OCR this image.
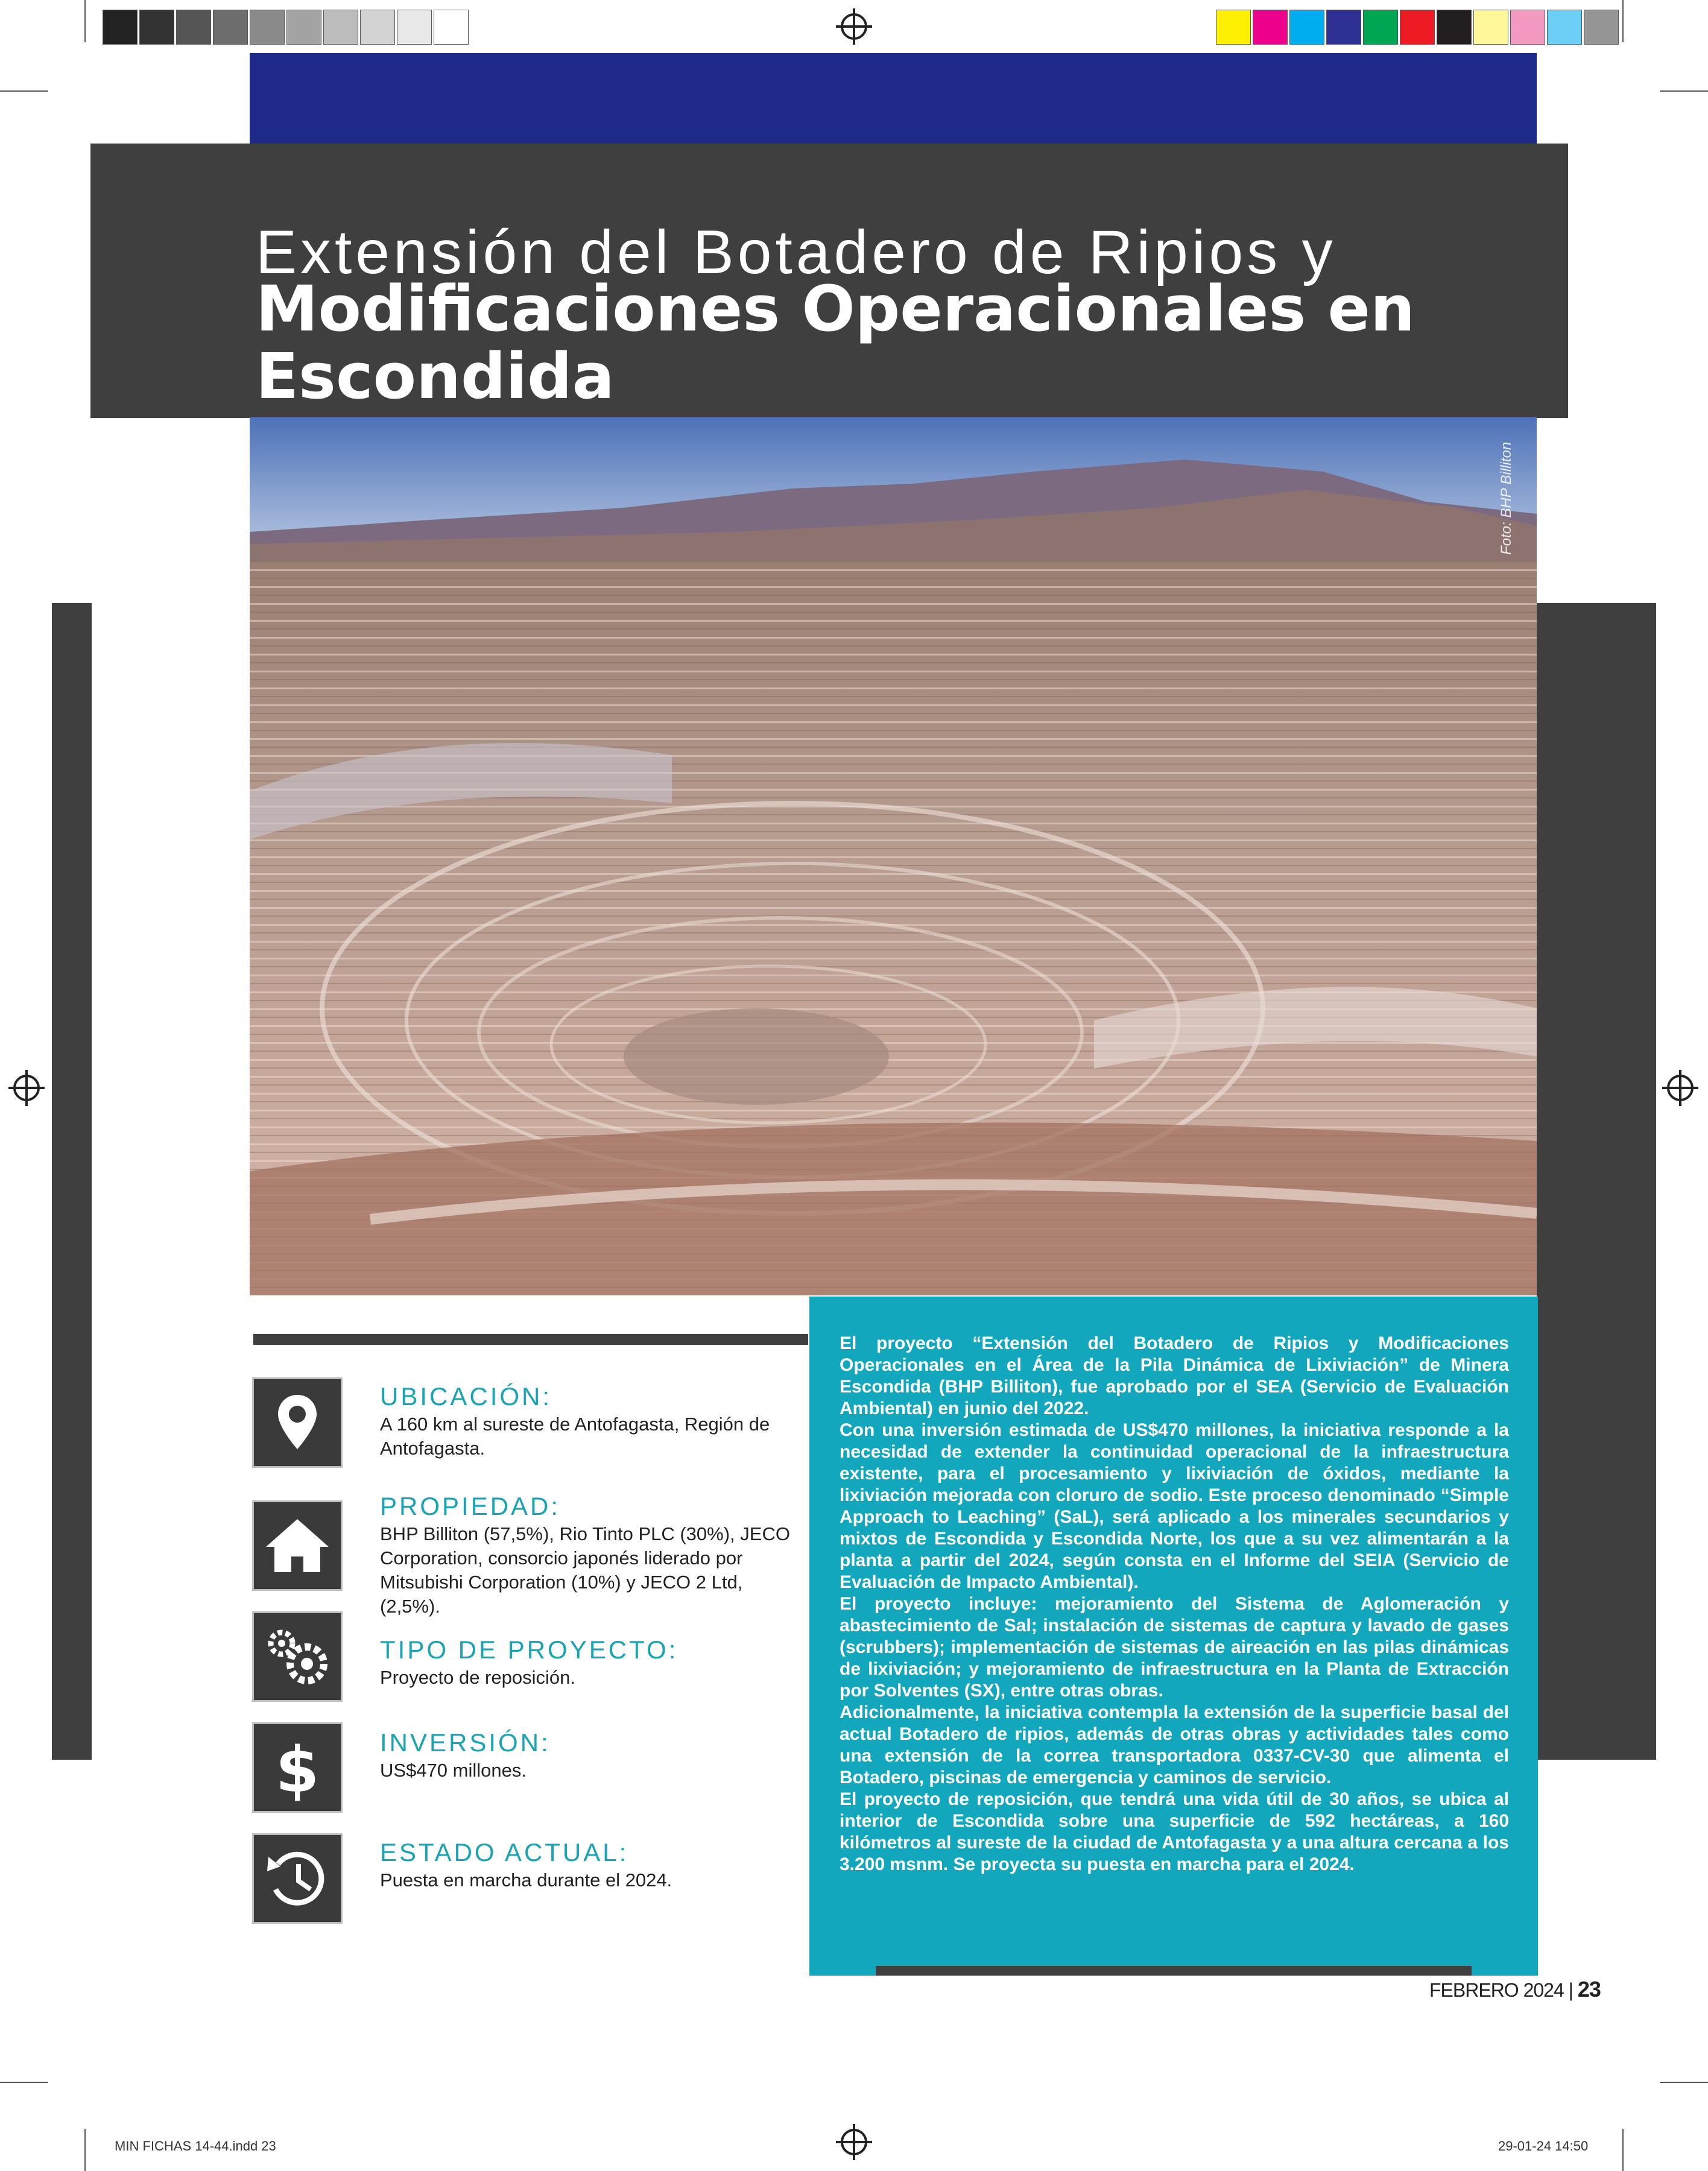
Extensión del Botadero de Ripios y
Modificaciones Operacionales en Escondida
Foto: BHP Billiton
UBICACIÓN:
A 160 km al sureste de Antofagasta, Región de Antofagasta.
PROPIEDAD:
BHP Billiton (57,5%), Rio Tinto PLC (30%), JECO Corporation, consorcio japonés liderado por Mitsubishi Corporation (10%) y JECO 2 Ltd, (2,5%).
TIPO DE PROYECTO:
Proyecto de reposición.
$ INVERSIÓN:
US$470 millones.
ESTADO ACTUAL:
Puesta en marcha durante el 2024.

El proyecto “Extensión del Botadero de Ripios y Modificaciones Operacionales en el Área de la Pila Dinámica de Lixiviación” de Minera Escondida (BHP Billiton), fue aprobado por el SEA (Servicio de Evaluación Ambiental) en junio del 2022.

Con una inversión estimada de US$470 millones, la iniciativa responde a la necesidad de extender la continuidad operacional de la infraestructura existente, para el procesamiento y lixiviación de óxidos, mediante la lixiviación mejorada con cloruro de sodio. Este proceso denominado “Simple Approach to Leaching” (SaL), será aplicado a los minerales secundarios y mixtos de Escondida y Escondida Norte, los que a su vez alimentarán a la planta a partir del 2024, según consta en el Informe del SEIA (Servicio de Evaluación de Impacto Ambiental).

El proyecto incluye: mejoramiento del Sistema de Aglomeración y abastecimiento de Sal; instalación de sistemas de captura y lavado de gases (scrubbers); implementación de sistemas de aireación en las pilas dinámicas de lixiviación; y mejoramiento de infraestructura en la Planta de Extracción por Solventes (SX), entre otras obras.

Adicionalmente, la iniciativa contempla la extensión de la superficie basal del actual Botadero de ripios, además de otras obras y actividades tales como una extensión de la correa transportadora 0337-CV-30 que alimenta el Botadero, piscinas de emergencia y caminos de servicio.

El proyecto de reposición, que tendrá una vida útil de 30 años, se ubica al interior de Escondida sobre una superficie de 592 hectáreas, a 160 kilómetros al sureste de la ciudad de Antofagasta y a una altura cercana a los 3.200 msnm. Se proyecta su puesta en marcha para el 2024.

FEBRERO 2024 | 23
MIN FICHAS 14-44.indd 23	29-01-24 14:50
